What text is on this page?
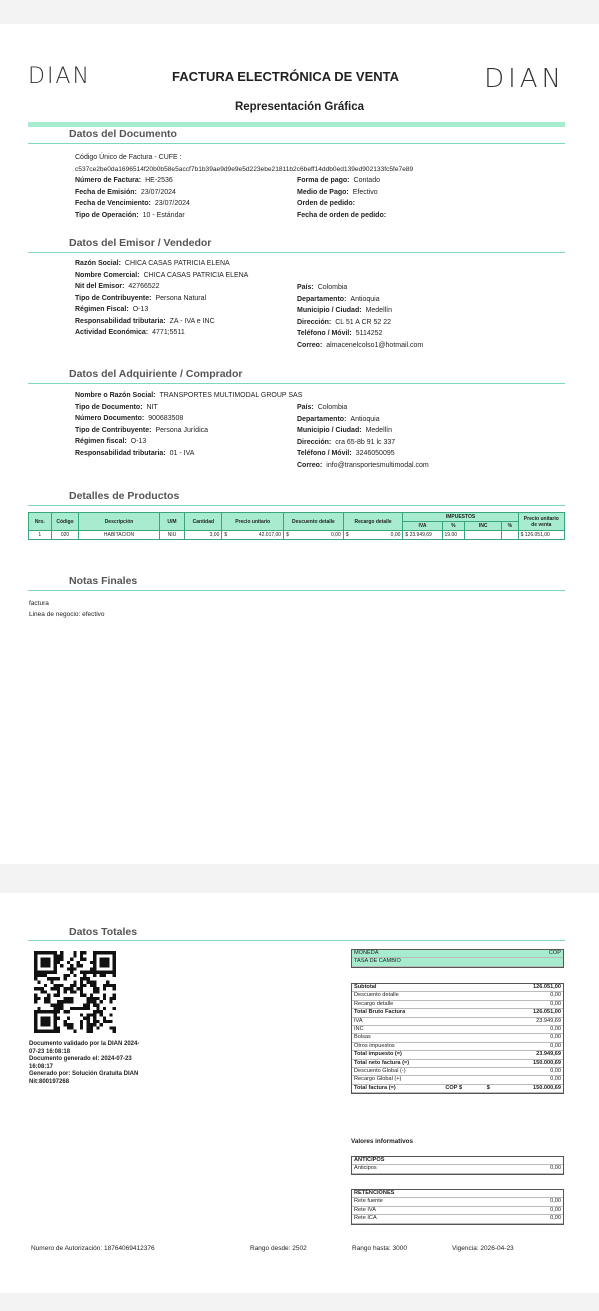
DIAN	FACTURA ELECTRÓNICA DE VENTA	DIAN
Representación Gráfica
Datos del Documento
Código Único de Factura - CUFE :
c537ce2be0da1696514f20b0b58e5accf7b1b39ae9d9e9e5d223ebe21811b2c6beff14ddb0ed139ed902133fc5fe7e89
Número de Factura: HE-2536
Fecha de Emisión: 23/07/2024
Fecha de Vencimiento: 23/07/2024
Tipo de Operación: 10 - Estándar
Forma de pago: Contado
Medio de Pago: Efectivo
Orden de pedido:
Fecha de orden de pedido:
Datos del Emisor / Vendedor
Razón Social: CHICA CASAS PATRICIA ELENA
Nombre Comercial: CHICA CASAS PATRICIA ELENA
Nit del Emisor: 42766522
Tipo de Contribuyente: Persona Natural
Régimen Fiscal: O-13
Responsabilidad tributaria: ZA - IVA e INC
Actividad Económica: 4771;5511
País: Colombia
Departamento: Antioquia
Municipio / Ciudad: Medellín
Dirección: CL 51 A CR 52 22
Teléfono / Móvil: 5114252
Correo: almacenelcolso1@hotmail.com
Datos del Adquiriente / Comprador
Nombre o Razón Social: TRANSPORTES MULTIMODAL GROUP SAS
Tipo de Documento: NIT
Número Documento: 900683508
Tipo de Contribuyente: Persona Jurídica
Régimen fiscal: O-13
Responsabilidad tributaria: 01 - IVA
País: Colombia
Departamento: Antioquia
Municipio / Ciudad: Medellín
Dirección: cra 65-8b 91 lc 337
Teléfono / Móvil: 3246050095
Correo: info@transportesmultimodal.com
Detalles de Productos
Nro.	Código	Descripción	U/M	Cantidad	Precio unitario	Descuento detalle	Recargo detalle	IMPUESTOS				Precio unitario de venta
								IVA	%	INC	%	
1	020	HABITACION	NIU	3,00	$ 42.017,00	$ 0,00	$ 0,00	$ 23.949,69	19.00			$ 126.051,00
Notas Finales
factura
Linea de negocio: efectivo
Datos Totales
Documento validado por la DIAN 2024-
07-23 16:08:18
Documento generado el: 2024-07-23
16:08:17
Generado por: Solución Gratuita DIAN
Nit:800197268
MONEDA	COP
TASA DE CAMBIO	
Subtotal			126.051,00
Descuento detalle			0,00
Recargo detalle			0,00
Total Bruto Factura			126.051,00
IVA			23.949,69
INC			0,00
Bolsas			0,00
Otros impuestos			0,00
Total impuesto (=)			23.949,69
Total neto factura (=)			150.000,69
Descuento Global (-)			0,00
Recargo Global (+)			0,00
Total factura (=)	COP $	$	150.000,69
Valores informativos
ANTICIPOS	
Anticipos	0,00
RETENCIONES	
Rete fuente	0,00
Rete IVA	0,00
Rete ICA	0,00
Numero de Autorización: 18764069412376	Rango desde: 2502	Rango hasta: 3000	Vigencia: 2026-04-23
